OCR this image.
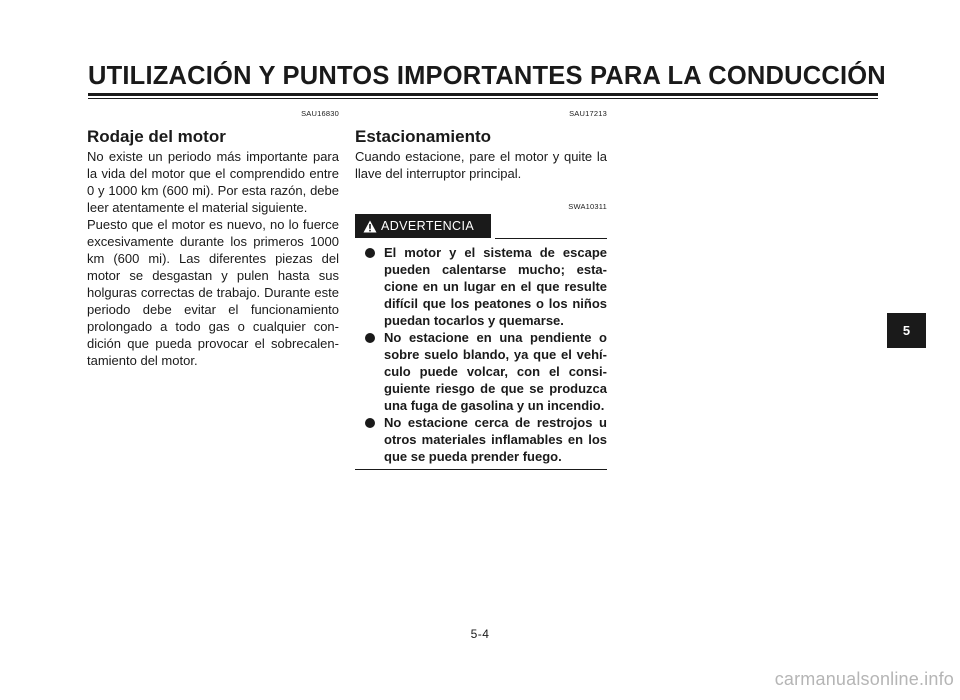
UTILIZACIÓN Y PUNTOS IMPORTANTES PARA LA CONDUCCIÓN
SAU16830
Rodaje del motor

No existe un periodo más importante para la vida del motor que el comprendido entre 0 y 1000 km (600 mi). Por esta razón, debe leer atentamente el material siguiente.

Puesto que el motor es nuevo, no lo fuerce excesivamente durante los primeros 1000 km (600 mi). Las diferentes piezas del motor se desgastan y pulen hasta sus holguras correctas de trabajo. Durante este periodo debe evitar el funcionamiento prolongado a todo gas o cualquier condición que pueda provocar el sobrecalentamiento del motor.

SAU17213
Estacionamiento

Cuando estacione, pare el motor y quite la llave del interruptor principal.

SWA10311
ADVERTENCIA
El motor y el sistema de escape pueden calentarse mucho; estacione en un lugar en el que resulte difícil que los peatones o los niños puedan tocarlos y quemarse.
No estacione en una pendiente o sobre suelo blando, ya que el vehículo puede volcar, con el consiguiente riesgo de que se produzca una fuga de gasolina y un incendio.
No estacione cerca de restrojos u otros materiales inflamables en los que se pueda prender fuego.
5
5-4
carmanualsonline.info
